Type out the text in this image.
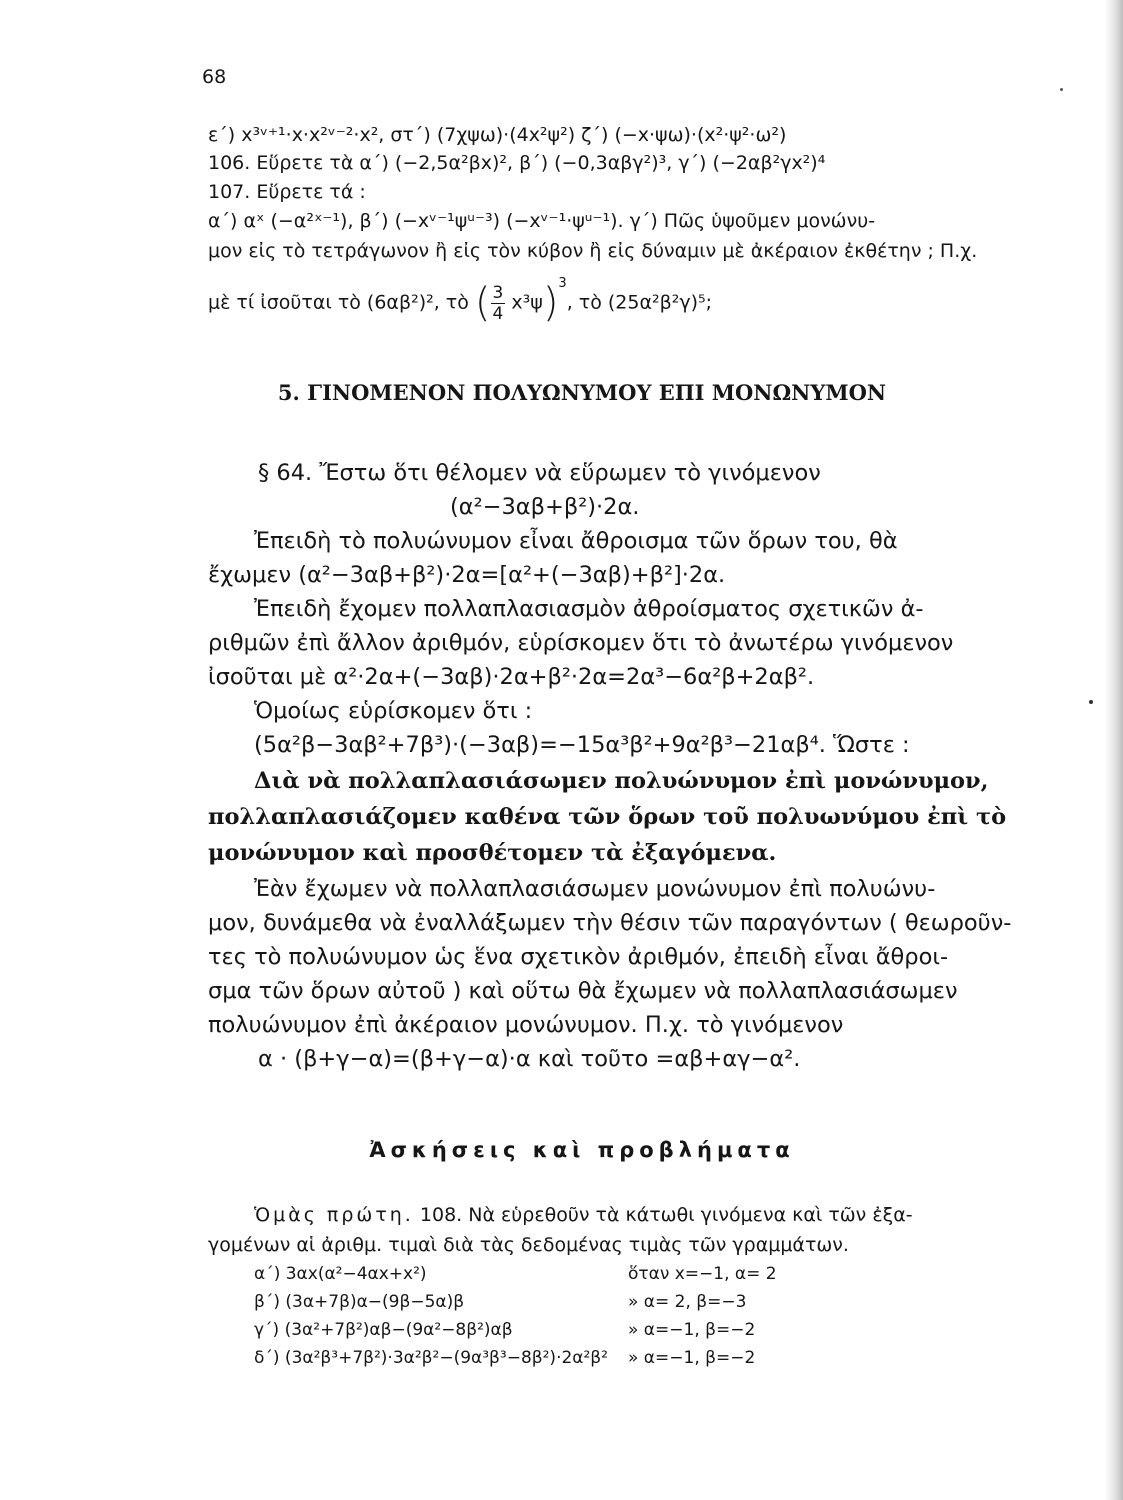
68
ε΄) x³ᵛ⁺¹·x·x²ᵛ⁻²·x², στ΄) (7χψω)·(4x²ψ²) ζ΄) (−x·ψω)·(x²·ψ²·ω²)
106. Εὕρετε τὰ α΄) (−2,5α²βx)², β΄) (−0,3αβγ²)³, γ΄) (−2αβ²γx²)⁴
107. Εὕρετε τά :
α΄) αˣ (−α²ˣ⁻¹), β΄) (−xᵛ⁻¹ψᵘ⁻³) (−xᵛ⁻¹·ψᵘ⁻¹). γ΄) Πῶς ὑψοῦμεν μονώνυ-
μον εἰς τὸ τετράγωνον ἢ εἰς τὸν κύβον ἢ εἰς δύναμιν μὲ ἀκέραιον ἐκθέτην ; Π.χ.
μὲ τί ἰσοῦται τὸ (6αβ²)², τὸ ( $\frac{3}{4} x^3\psi)^3$, τὸ (25α²β²γ)⁵;
5. ΓΙΝΟΜΕΝΟΝ ΠΟΛΥΩΝΥΜΟΥ ΕΠΙ ΜΟΝΩΝΥΜΟΝ
§ 64. Ἔστω ὅτι θέλομεν νὰ εὕρωμεν τὸ γινόμενον
(α²−3αβ+β²)·2α.
Ἐπειδὴ τὸ πολυώνυμον εἶναι ἄθροισμα τῶν ὅρων του, θὰ
ἔχωμεν (α²−3αβ+β²)·2α=[α²+(−3αβ)+β²]·2α.
Ἐπειδὴ ἔχομεν πολλαπλασιασμὸν ἀθροίσματος σχετικῶν ἀ-
ριθμῶν ἐπὶ ἄλλον ἀριθμόν, εὑρίσκομεν ὅτι τὸ ἀνωτέρω γινόμενον
ἰσοῦται μὲ α²·2α+(−3αβ)·2α+β²·2α=2α³−6α²β+2αβ².
Ὁμοίως εὑρίσκομεν ὅτι :
(5α²β−3αβ²+7β³)·(−3αβ)=−15α³β²+9α²β³−21αβ⁴. Ὥστε :
Διὰ νὰ πολλαπλασιάσωμεν πολυώνυμον ἐπὶ μονώνυμον,
πολλαπλασιάζομεν καθένα τῶν ὅρων τοῦ πολυωνύμου ἐπὶ τὸ
μονώνυμον καὶ προσθέτομεν τὰ ἐξαγόμενα.
Ἐὰν ἔχωμεν νὰ πολλαπλασιάσωμεν μονώνυμον ἐπὶ πολυώνυ-
μον, δυνάμεθα νὰ ἐναλλάξωμεν τὴν θέσιν τῶν παραγόντων ( θεωροῦν-
τες τὸ πολυώνυμον ὡς ἕνα σχετικὸν ἀριθμόν, ἐπειδὴ εἶναι ἄθροι-
σμα τῶν ὅρων αὐτοῦ ) καὶ οὕτω θὰ ἔχωμεν νὰ πολλαπλασιάσωμεν
πολυώνυμον ἐπὶ ἀκέραιον μονώνυμον. Π.χ. τὸ γινόμενον
α · (β+γ−α)=(β+γ−α)·α καὶ τοῦτο =αβ+αγ−α².
Ἀσκήσεις καὶ προβλήματα
Ὁμὰς πρώτη. 108. Νὰ εὑρεθοῦν τὰ κάτωθι γινόμενα καὶ τῶν ἐξα-
γομένων αἱ ἀριθμ. τιμαὶ διὰ τὰς δεδομένας τιμὰς τῶν γραμμάτων.
α΄) 3αx(α²−4αx+x²)	ὅταν x=−1, α= 2
β΄) (3α+7β)α−(9β−5α)β	» α= 2, β=−3
γ΄) (3α²+7β²)αβ−(9α²−8β²)αβ	» α=−1, β=−2
δ΄) (3α²β³+7β²)·3α²β²−(9α³β³−8β²)·2α²β² » α=−1, β=−2
